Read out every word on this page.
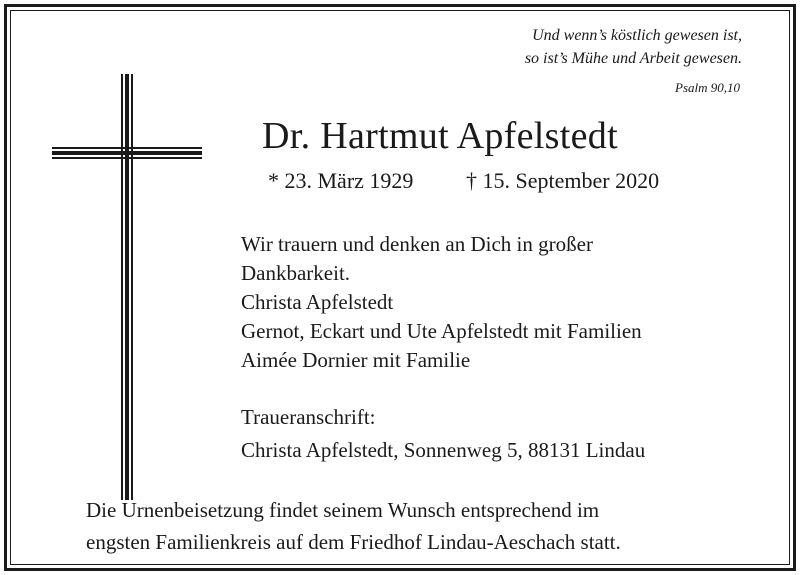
Und wenn’s köstlich gewesen ist,
so ist’s Mühe und Arbeit gewesen.
Psalm 90,10
Dr. Hartmut Apfelstedt
* 23. März 1929 † 15. September 2020
Wir trauern und denken an Dich in großer
Dankbarkeit.
Christa Apfelstedt
Gernot, Eckart und Ute Apfelstedt mit Familien
Aimée Dornier mit Familie
Traueranschrift:
Christa Apfelstedt, Sonnenweg 5, 88131 Lindau
Die Urnenbeisetzung findet seinem Wunsch entsprechend im
engsten Familienkreis auf dem Friedhof Lindau-Aeschach statt.
